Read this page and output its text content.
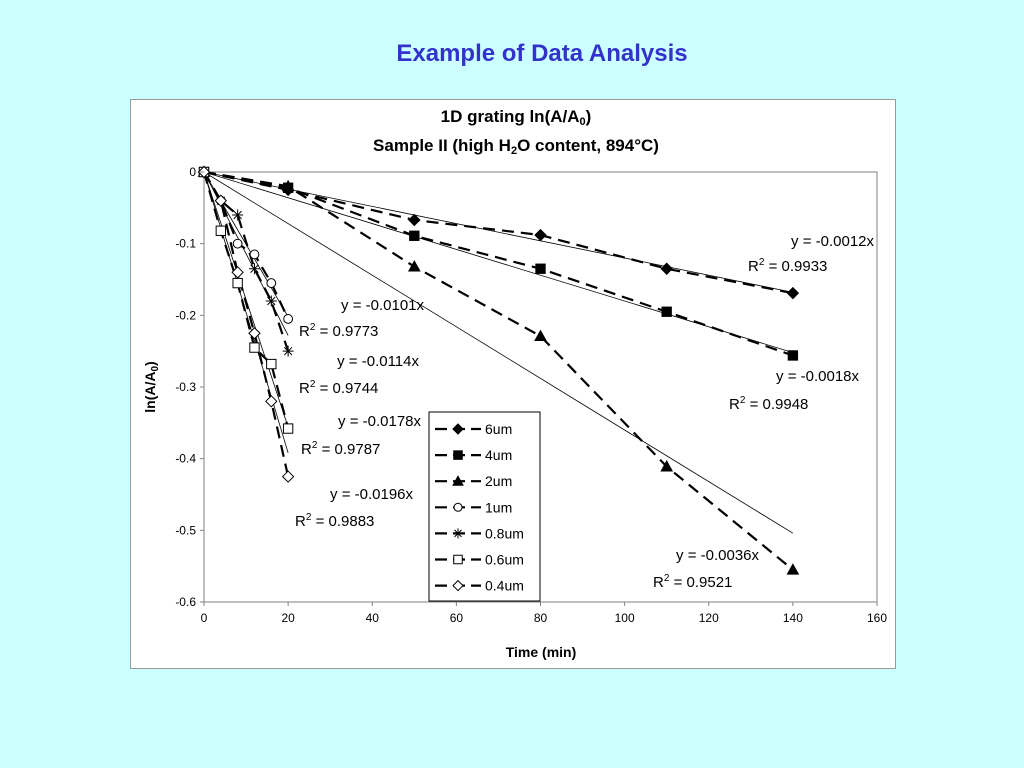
Example of Data Analysis
1D grating ln(A/A0)
Sample II (high H2O content, 894°C)
Time (min)
$\ln(A/A_0)$
0	20	40	60	80	100	120	140	160
0
-0.1
-0.2
-0.3
-0.4
-0.5
-0.6
y = -0.0012x
$R^2 = 0.9933$
y = -0.0018x
$R^2 = 0.9948$
y = -0.0036x
$R^2 = 0.9521$
y = -0.0101x
$R^2 = 0.9773$
y = -0.0114x
$R^2 = 0.9744$
y = -0.0178x
$R^2 = 0.9787$
y = -0.0196x
$R^2 = 0.9883$
6um
4um
2um
1um
0.8um
0.6um
0.4um
